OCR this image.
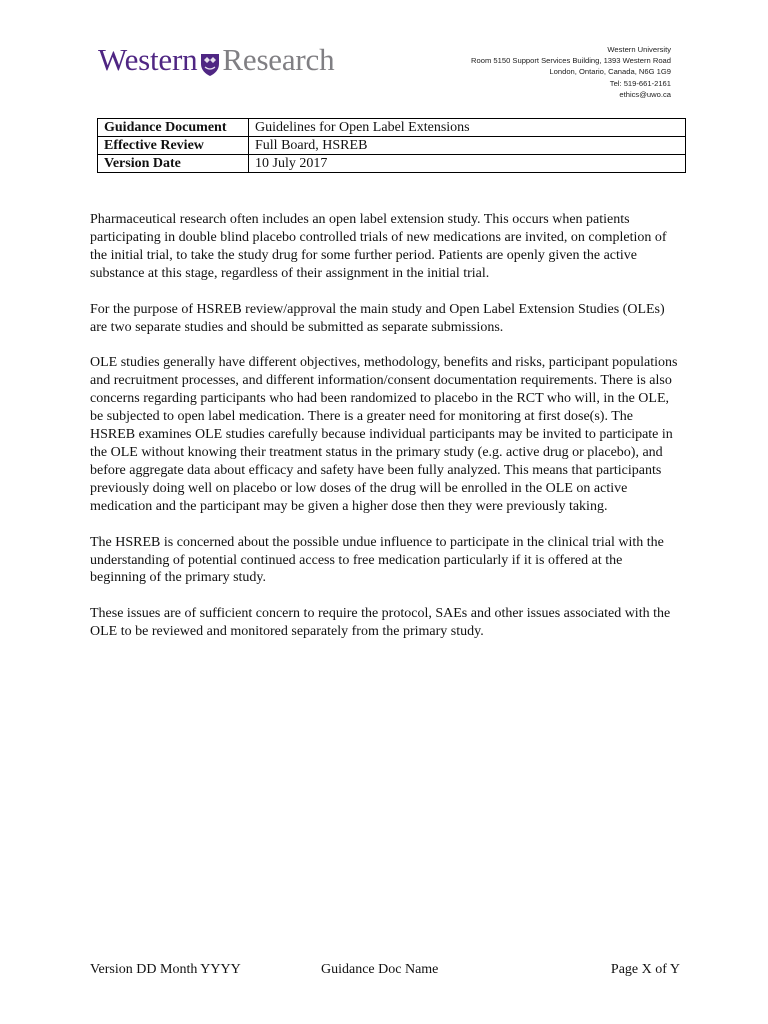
Western Research	Western University
Room 5150 Support Services Building, 1393 Western Road
London, Ontario, Canada, N6G 1G9
Tel: 519-661-2161
ethics@uwo.ca
Guidance Document	Guidelines for Open Label Extensions
Effective Review	Full Board, HSREB
Version Date	10 July 2017

Pharmaceutical research often includes an open label extension study. This occurs when patients participating in double blind placebo controlled trials of new medications are invited, on completion of the initial trial, to take the study drug for some further period. Patients are openly given the active substance at this stage, regardless of their assignment in the initial trial.

For the purpose of HSREB review/approval the main study and Open Label Extension Studies (OLEs) are two separate studies and should be submitted as separate submissions.

OLE studies generally have different objectives, methodology, benefits and risks, participant populations and recruitment processes, and different information/consent documentation requirements. There is also concerns regarding participants who had been randomized to placebo in the RCT who will, in the OLE, be subjected to open label medication. There is a greater need for monitoring at first dose(s). The HSREB examines OLE studies carefully because individual participants may be invited to participate in the OLE without knowing their treatment status in the primary study (e.g. active drug or placebo), and before aggregate data about efficacy and safety have been fully analyzed. This means that participants previously doing well on placebo or low doses of the drug will be enrolled in the OLE on active medication and the participant may be given a higher dose then they were previously taking.

The HSREB is concerned about the possible undue influence to participate in the clinical trial with the understanding of potential continued access to free medication particularly if it is offered at the beginning of the primary study.

These issues are of sufficient concern to require the protocol, SAEs and other issues associated with the OLE to be reviewed and monitored separately from the primary study.

Version DD Month YYYY	Guidance Doc Name	Page X of Y
